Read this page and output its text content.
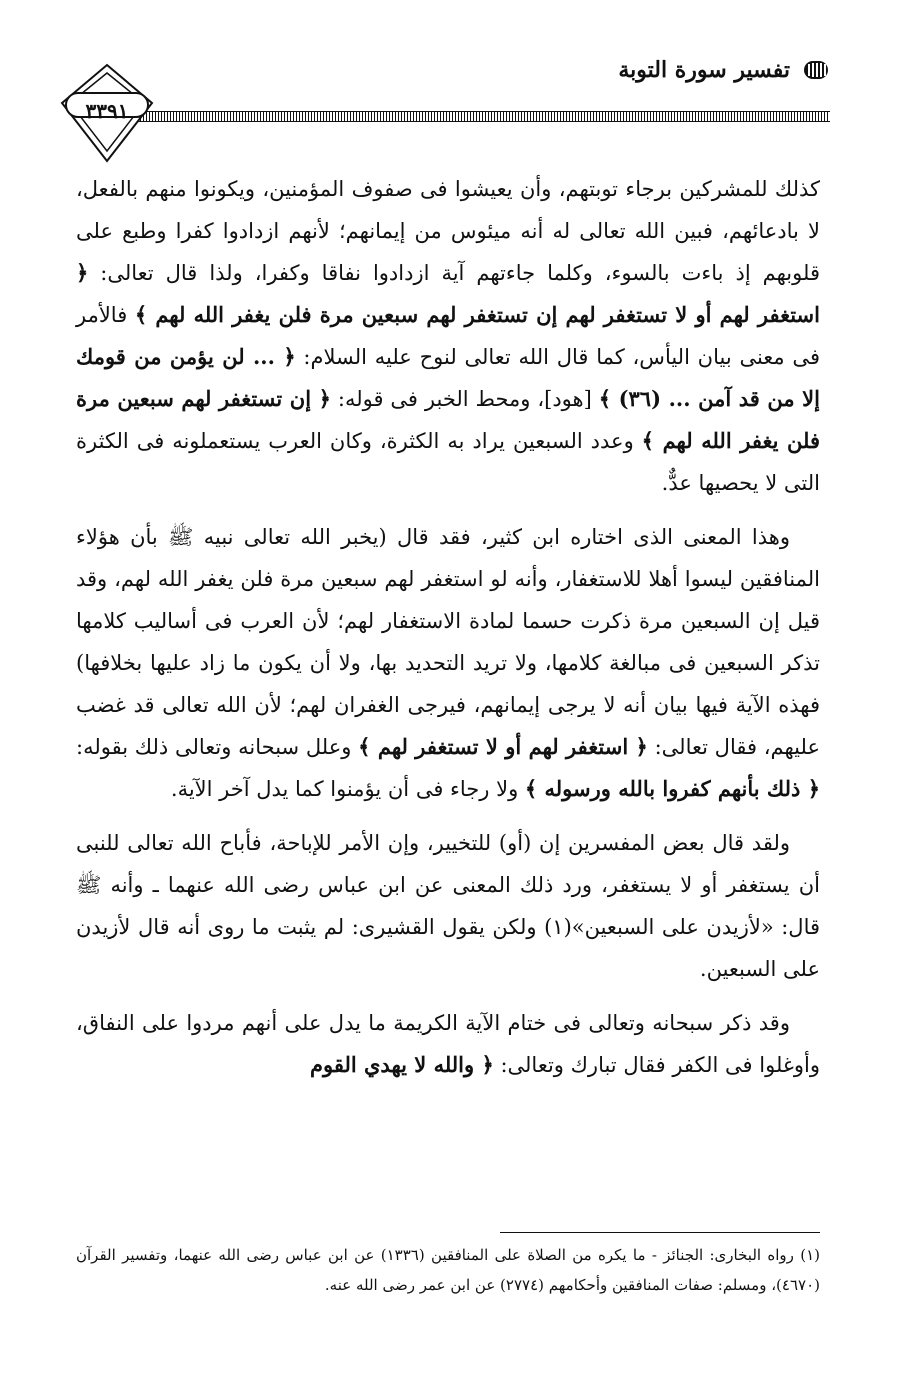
تفسير سورة التوبة
٣٣٩١

كذلك للمشركين برجاء توبتهم، وأن يعيشوا فى صفوف المؤمنين، ويكونوا منهم بالفعل، لا بادعائهم، فبين الله تعالى له أنه ميئوس من إيمانهم؛ لأنهم ازدادوا كفرا وطبع على قلوبهم إذ باءت بالسوء، وكلما جاءتهم آية ازدادوا نفاقا وكفرا، ولذا قال تعالى: ﴿ استغفر لهم أو لا تستغفر لهم إن تستغفر لهم سبعين مرة فلن يغفر الله لهم ﴾ فالأمر فى معنى بيان اليأس، كما قال الله تعالى لنوح عليه السلام: ﴿ ... لن يؤمن من قومك إلا من قد آمن ... (٣٦) ﴾ [هود]، ومحط الخبر فى قوله: ﴿ إن تستغفر لهم سبعين مرة فلن يغفر الله لهم ﴾ وعدد السبعين يراد به الكثرة، وكان العرب يستعملونه فى الكثرة التى لا يحصيها عدٌّ.

وهذا المعنى الذى اختاره ابن كثير، فقد قال (يخبر الله تعالى نبيه ﷺ بأن هؤلاء المنافقين ليسوا أهلا للاستغفار، وأنه لو استغفر لهم سبعين مرة فلن يغفر الله لهم، وقد قيل إن السبعين مرة ذكرت حسما لمادة الاستغفار لهم؛ لأن العرب فى أساليب كلامها تذكر السبعين فى مبالغة كلامها، ولا تريد التحديد بها، ولا أن يكون ما زاد عليها بخلافها) فهذه الآية فيها بيان أنه لا يرجى إيمانهم، فيرجى الغفران لهم؛ لأن الله تعالى قد غضب عليهم، فقال تعالى: ﴿ استغفر لهم أو لا تستغفر لهم ﴾ وعلل سبحانه وتعالى ذلك بقوله: ﴿ ذلك بأنهم كفروا بالله ورسوله ﴾ ولا رجاء فى أن يؤمنوا كما يدل آخر الآية.

ولقد قال بعض المفسرين إن (أو) للتخيير، وإن الأمر للإباحة، فأباح الله تعالى للنبى أن يستغفر أو لا يستغفر، ورد ذلك المعنى عن ابن عباس رضى الله عنهما ـ وأنه ﷺ قال: «لأزيدن على السبعين»(١) ولكن يقول القشيرى: لم يثبت ما روى أنه قال لأزيدن على السبعين.

وقد ذكر سبحانه وتعالى فى ختام الآية الكريمة ما يدل على أنهم مردوا على النفاق، وأوغلوا فى الكفر فقال تبارك وتعالى: ﴿ والله لا يهدي القوم

(١) رواه البخارى: الجنائز - ما يكره من الصلاة على المنافقين (١٣٣٦) عن ابن عباس رضى الله عنهما، وتفسير القرآن (٤٦٧٠)، ومسلم: صفات المنافقين وأحكامهم (٢٧٧٤) عن ابن عمر رضى الله عنه.
